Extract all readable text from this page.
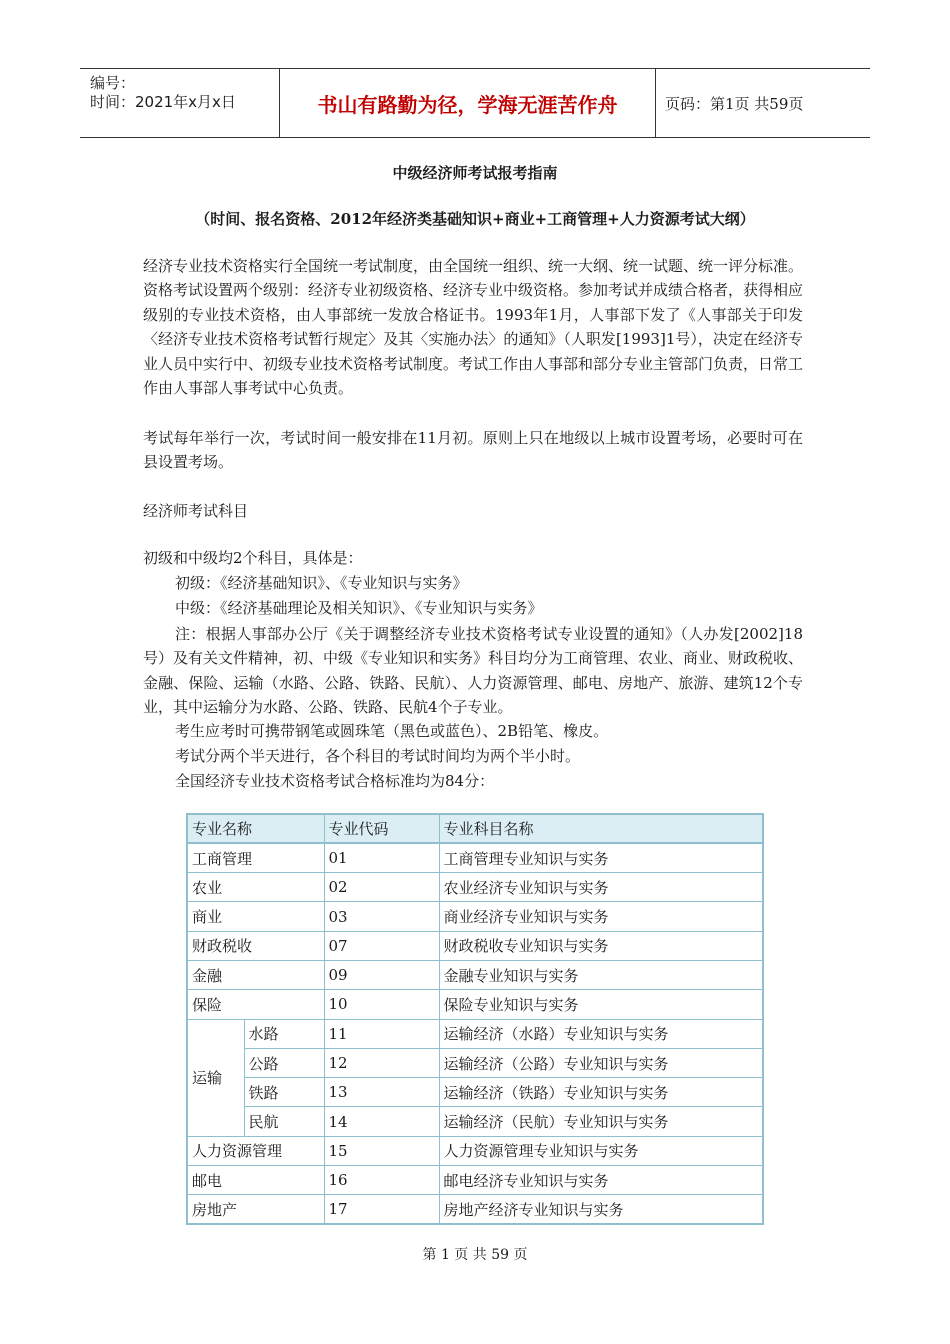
编号：
时间：2021年x月x日	书山有路勤为径，学海无涯苦作舟	页码：第1页 共59页
中级经济师考试报考指南
（时间、报名资格、2012年经济类基础知识+商业+工商管理+人力资源考试大纲）
经济专业技术资格实行全国统一考试制度，由全国统一组织、统一大纲、统一试题、统一评分标准。资格考试设置两个级别：经济专业初级资格、经济专业中级资格。参加考试并成绩合格者，获得相应级别的专业技术资格，由人事部统一发放合格证书。1993年1月，人事部下发了《人事部关于印发〈经济专业技术资格考试暂行规定〉及其〈实施办法〉的通知》（人职发[1993]1号），决定在经济专业人员中实行中、初级专业技术资格考试制度。考试工作由人事部和部分专业主管部门负责，日常工作由人事部人事考试中心负责。
考试每年举行一次，考试时间一般安排在11月初。原则上只在地级以上城市设置考场，必要时可在县设置考场。
经济师考试科目
初级和中级均2个科目，具体是：
初级：《经济基础知识》、《专业知识与实务》
中级：《经济基础理论及相关知识》、《专业知识与实务》
注：根据人事部办公厅《关于调整经济专业技术资格考试专业设置的通知》（人办发[2002]18号）及有关文件精神，初、中级《专业知识和实务》科目均分为工商管理、农业、商业、财政税收、金融、保险、运输（水路、公路、铁路、民航）、人力资源管理、邮电、房地产、旅游、建筑12个专业，其中运输分为水路、公路、铁路、民航4个子专业。
考生应考时可携带钢笔或圆珠笔（黑色或蓝色）、2B铅笔、橡皮。
考试分两个半天进行，各个科目的考试时间均为两个半小时。
全国经济专业技术资格考试合格标准均为84分：
专业名称		专业代码	专业科目名称
工商管理		01	工商管理专业知识与实务
农业		02	农业经济专业知识与实务
商业		03	商业经济专业知识与实务
财政税收		07	财政税收专业知识与实务
金融		09	金融专业知识与实务
保险		10	保险专业知识与实务
运输	水路	11	运输经济（水路）专业知识与实务
	公路	12	运输经济（公路）专业知识与实务
	铁路	13	运输经济（铁路）专业知识与实务
	民航	14	运输经济（民航）专业知识与实务
人力资源管理		15	人力资源管理专业知识与实务
邮电		16	邮电经济专业知识与实务
房地产		17	房地产经济专业知识与实务
第 1 页 共 59 页
